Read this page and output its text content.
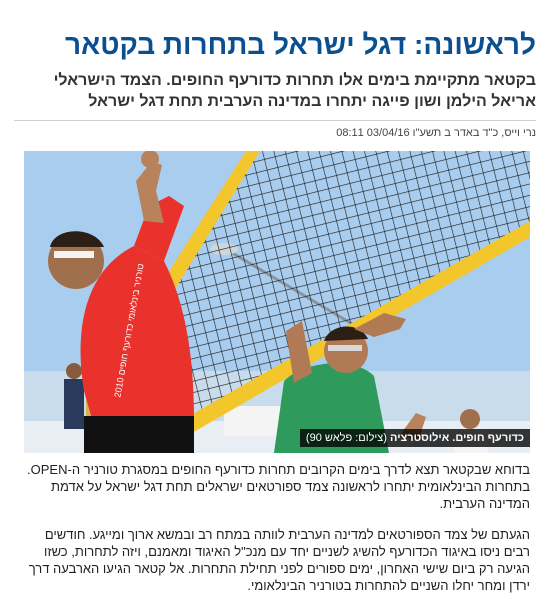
לראשונה: דגל ישראל בתחרות בקטאר
בקטאר מתקיימת בימים אלו תחרות כדורעף החופים. הצמד הישראלי אריאל הילמן ושון פייגה יתחרו במדינה הערבית תחת דגל ישראל
נרי וייס, כ"ד באדר ב תשע"ו 03/04/16 08:11
טורניר בינלאומי כדורעף חופים 2010
כדורעף חופים. אילוסטרציה (צילום: פלאש 90)

בדוחא שבקטאר תצא לדרך בימים הקרובים תחרות כדורעף החופים במסגרת טורניר ה-OPEN. בתחרות הבינלאומית יתחרו לראשונה צמד ספורטאים ישראלים תחת דגל ישראל על אדמת המדינה הערבית.

הגעתם של צמד הספורטאים למדינה הערבית לוותה במתח רב ובמשא ארוך ומייגע. חודשים רבים ניסו באיגוד הכדורעף להשיג לשניים יחד עם מנכ"ל האיגוד ומאמנם, ויזה לתחרות, כשזו הגיעה רק ביום שישי האחרון, ימים ספורים לפני תחילת התחרות. אל קטאר הגיעו הארבעה דרך ירדן ומחר יחלו השניים להתחרות בטורניר הבינלאומי.
